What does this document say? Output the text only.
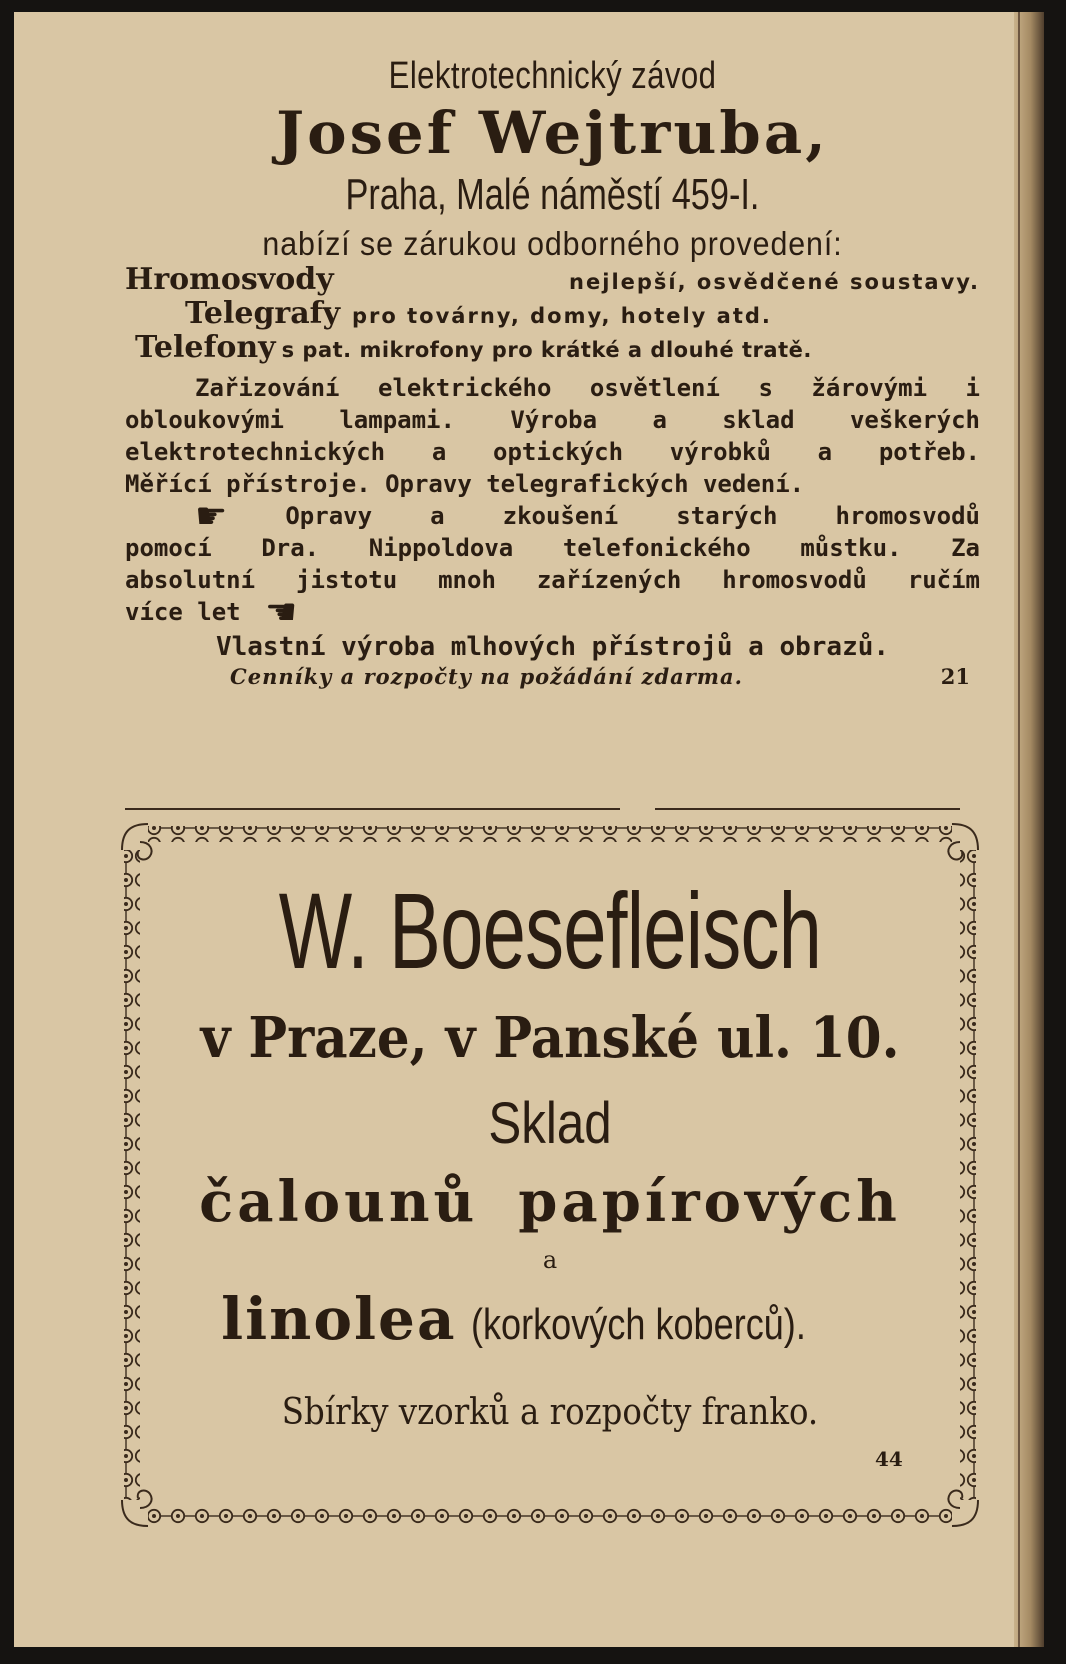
Elektrotechnický závod
Josef Wejtruba,
Praha, Malé náměstí 459-I.
nabízí se zárukou odborného provedení:
Hromosvody	nejlepší, osvědčené soustavy.
Telegrafy pro továrny, domy, hotely atd.
Telefony s pat. mikrofony pro krátké a dlouhé tratě.
Zařizování elektrického osvětlení s žárovými i
obloukovými lampami. Výroba a sklad veškerých
elektrotechnických a optických výrobků a potřeb.
Měřící přístroje. Opravy telegrafických vedení.
☛ Opravy a zkoušení starých hromosvodů
pomocí Dra. Nippoldova telefonického můstku. Za
absolutní jistotu mnoh zařízených hromosvodů ručím
více let ☚
Vlastní výroba mlhových přístrojů a obrazů.
Cenníky a rozpočty na požádání zdarma.	21
W. Boesefleisch
v Praze, v Panské ul. 10.
Sklad
čalounů papírových
a
linolea (korkových koberců).
Sbírky vzorků a rozpočty franko.
44
